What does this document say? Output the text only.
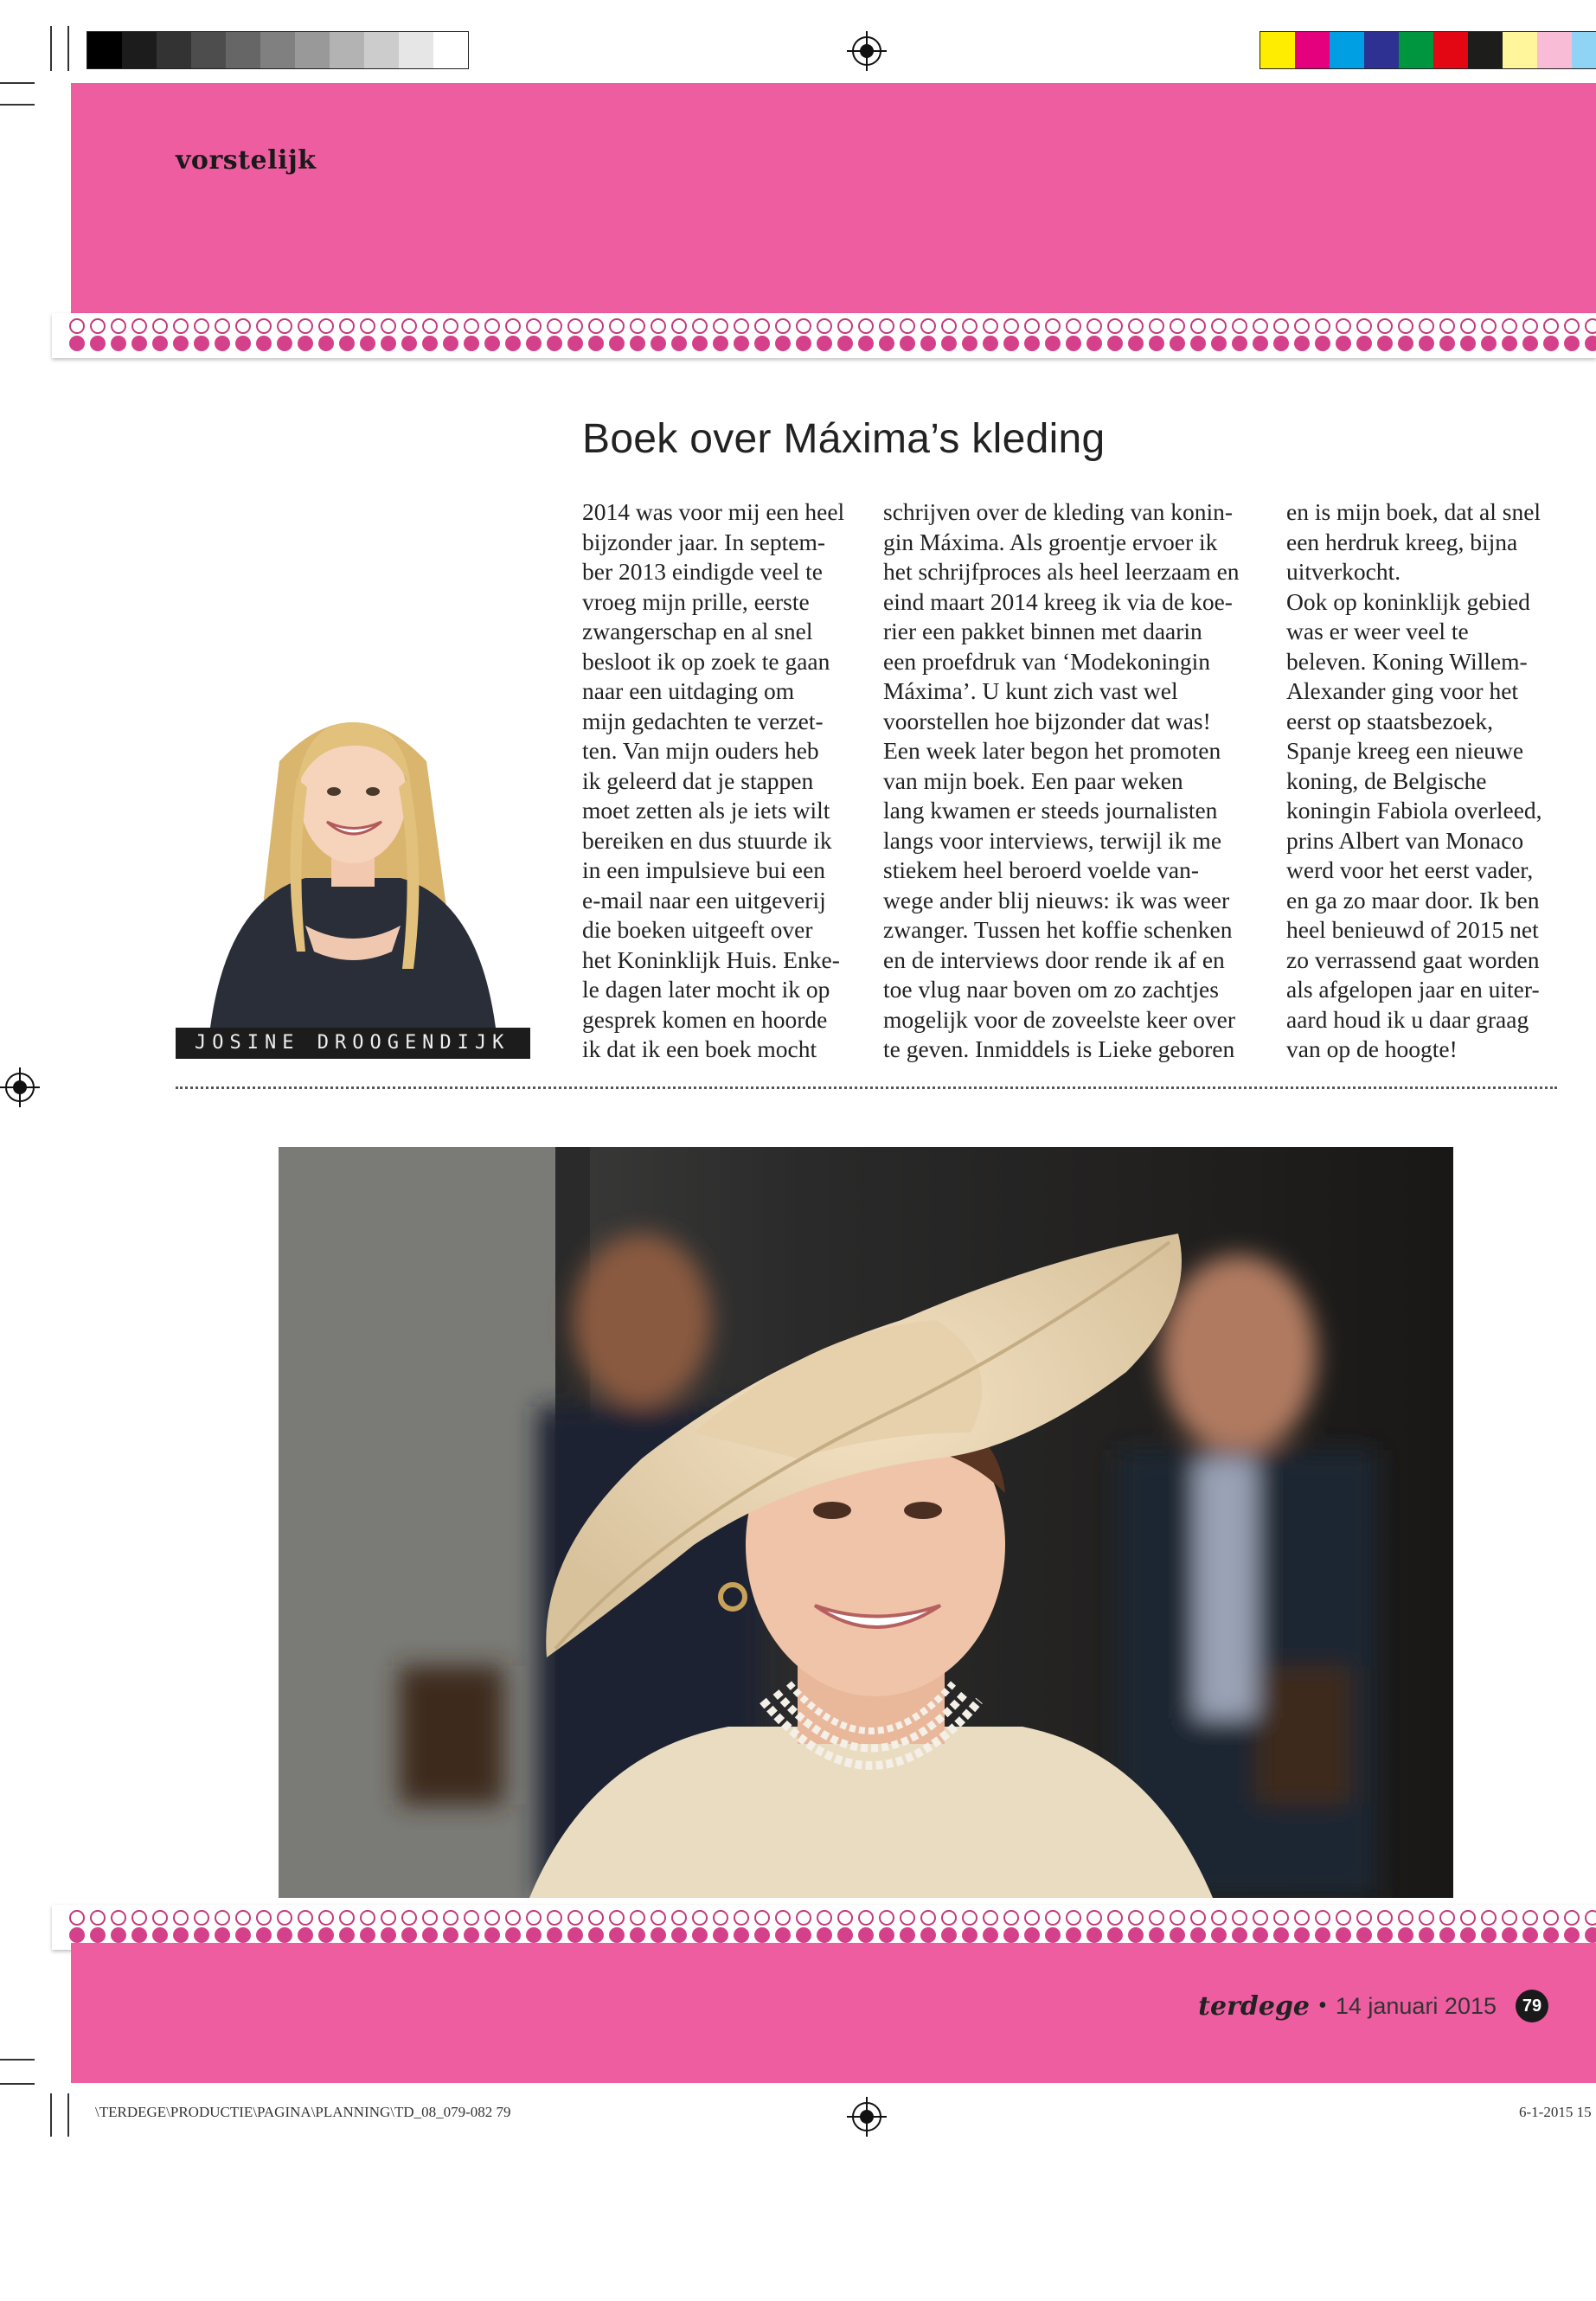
vorstelijk
Boek over Máxima’s kleding
2014 was voor mij een heel
bijzonder jaar. In septem-
ber 2013 eindigde veel te
vroeg mijn prille, eerste
zwangerschap en al snel
besloot ik op zoek te gaan
naar een uitdaging om
mijn gedachten te verzet-
ten. Van mijn ouders heb
ik geleerd dat je stappen
moet zetten als je iets wilt
bereiken en dus stuurde ik
in een impulsieve bui een
e-mail naar een uitgeverij
die boeken uitgeeft over
het Koninklijk Huis. Enke-
le dagen later mocht ik op
gesprek komen en hoorde
ik dat ik een boek mocht
schrijven over de kleding van konin-
gin Máxima. Als groentje ervoer ik
het schrijfproces als heel leerzaam en
eind maart 2014 kreeg ik via de koe-
rier een pakket binnen met daarin
een proefdruk van ‘Modekoningin
Máxima’. U kunt zich vast wel
voorstellen hoe bijzonder dat was!
Een week later begon het promoten
van mijn boek. Een paar weken
lang kwamen er steeds journalisten
langs voor interviews, terwijl ik me
stiekem heel beroerd voelde van-
wege ander blij nieuws: ik was weer
zwanger. Tussen het koffie schenken
en de interviews door rende ik af en
toe vlug naar boven om zo zachtjes
mogelijk voor de zoveelste keer over
te geven. Inmiddels is Lieke geboren
en is mijn boek, dat al snel
een herdruk kreeg, bijna
uitverkocht.
Ook op koninklijk gebied
was er weer veel te
beleven. Koning Willem-
Alexander ging voor het
eerst op staatsbezoek,
Spanje kreeg een nieuwe
koning, de Belgische
koningin Fabiola overleed,
prins Albert van Monaco
werd voor het eerst vader,
en ga zo maar door. Ik ben
heel benieuwd of 2015 net
zo verrassend gaat worden
als afgelopen jaar en uiter-
aard houd ik u daar graag
van op de hoogte!
JOSINE DROOGENDIJK
terdege • 14 januari 2015	79
\TERDEGE\PRODUCTIE\PAGINA\PLANNING\TD_08_079-082 79	6-1-2015 15
